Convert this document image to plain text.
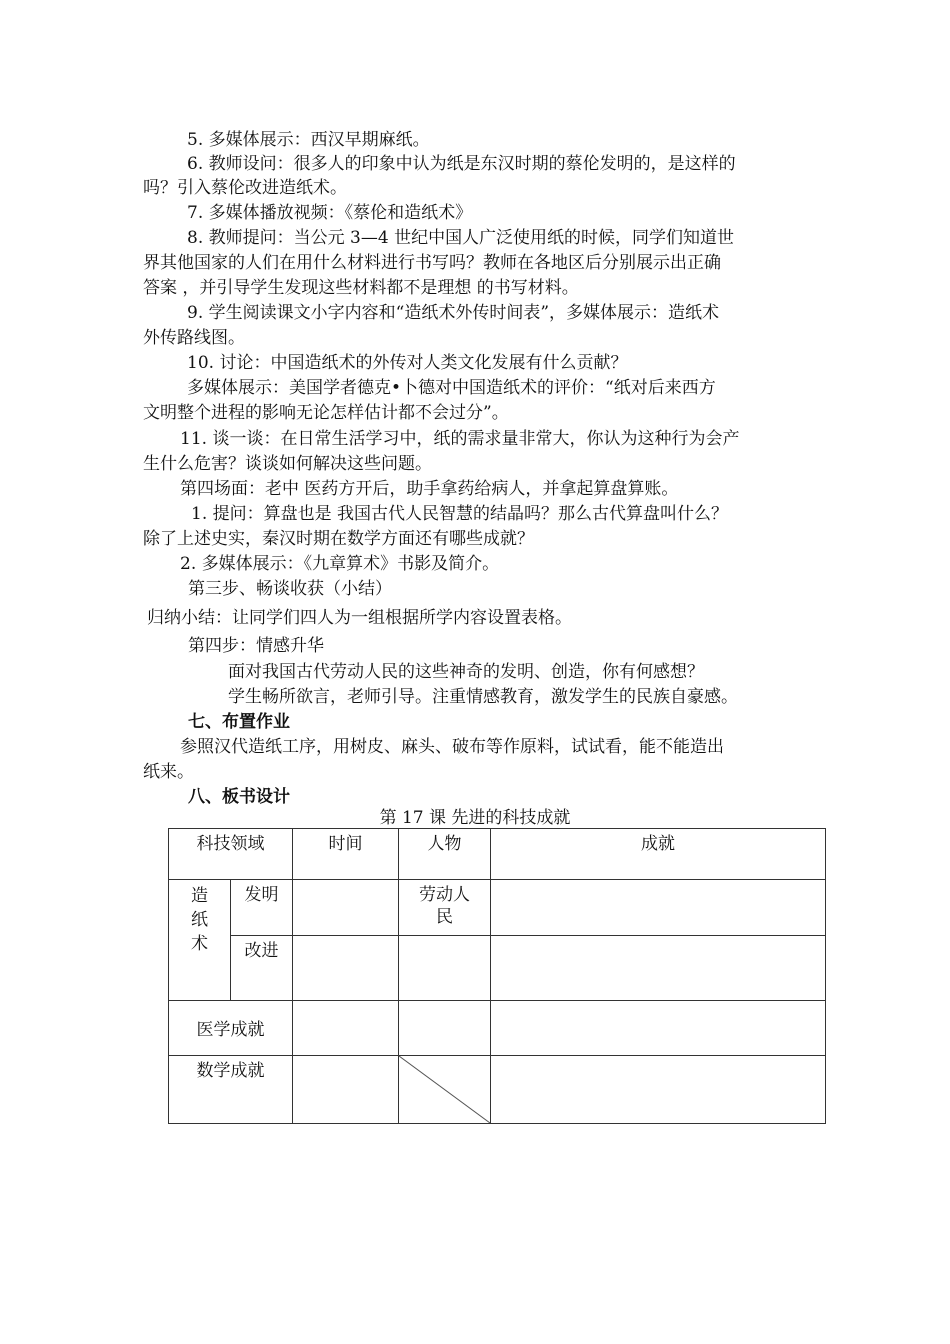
5. 多媒体展示：西汉早期麻纸。
6. 教师设问：很多人的印象中认为纸是东汉时期的蔡伦发明的，是这样的
吗？引入蔡伦改进造纸术。
7. 多媒体播放视频：《蔡伦和造纸术》
8. 教师提问：当公元 3—4 世纪中国人广泛使用纸的时候，同学们知道世
界其他国家的人们在用什么材料进行书写吗？教师在各地区后分别展示出正确
答案 ，并引导学生发现这些材料都不是理想 的书写材料。
9. 学生阅读课文小字内容和“造纸术外传时间表”，多媒体展示：造纸术
外传路线图。
10. 讨论：中国造纸术的外传对人类文化发展有什么贡献？
多媒体展示：美国学者德克•卜德对中国造纸术的评价：“纸对后来西方
文明整个进程的影响无论怎样估计都不会过分”。
11. 谈一谈：在日常生活学习中，纸的需求量非常大，你认为这种行为会产
生什么危害？谈谈如何解决这些问题。
第四场面：老中 医药方开后，助手拿药给病人，并拿起算盘算账。
1. 提问：算盘也是 我国古代人民智慧的结晶吗？那么古代算盘叫什么？
除了上述史实，秦汉时期在数学方面还有哪些成就？
2. 多媒体展示：《九章算术》书影及简介。
第三步、畅谈收获（小结）
归纳小结：让同学们四人为一组根据所学内容设置表格。
第四步：情感升华
面对我国古代劳动人民的这些神奇的发明、创造，你有何感想？
学生畅所欲言，老师引导。注重情感教育，激发学生的民族自豪感。
七、布置作业
参照汉代造纸工序，用树皮、麻头、破布等作原料，试试看，能不能造出
纸来。
八、板书设计
第 17 课 先进的科技成就
科技领域		时间	人物	成就

造纸术	发明		劳动人民	

	改进			
医学成就				
数学成就		
